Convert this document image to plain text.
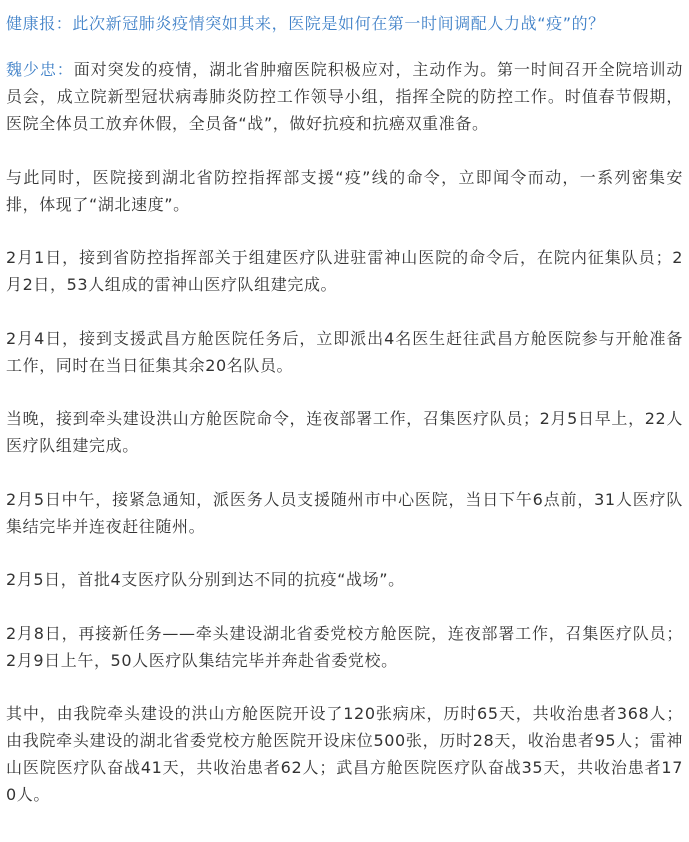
健康报：此次新冠肺炎疫情突如其来，医院是如何在第一时间调配人力战“疫”的？

魏少忠：面对突发的疫情，湖北省肿瘤医院积极应对，主动作为。第一时间召开全院培训动员会，成立院新型冠状病毒肺炎防控工作领导小组，指挥全院的防控工作。时值春节假期，医院全体员工放弃休假，全员备“战”，做好抗疫和抗癌双重准备。

与此同时，医院接到湖北省防控指挥部支援“疫”线的命令，立即闻令而动，一系列密集安排，体现了“湖北速度”。

2月1日，接到省防控指挥部关于组建医疗队进驻雷神山医院的命令后，在院内征集队员；2月2日，53人组成的雷神山医疗队组建完成。

2月4日，接到支援武昌方舱医院任务后，立即派出4名医生赶往武昌方舱医院参与开舱准备工作，同时在当日征集其余20名队员。

当晚，接到牵头建设洪山方舱医院命令，连夜部署工作，召集医疗队员；2月5日早上，22人医疗队组建完成。

2月5日中午，接紧急通知，派医务人员支援随州市中心医院，当日下午6点前，31人医疗队集结完毕并连夜赶往随州。

2月5日，首批4支医疗队分别到达不同的抗疫“战场”。

2月8日，再接新任务——牵头建设湖北省委党校方舱医院，连夜部署工作，召集医疗队员；2月9日上午，50人医疗队集结完毕并奔赴省委党校。

其中，由我院牵头建设的洪山方舱医院开设了120张病床，历时65天，共收治患者368人；由我院牵头建设的湖北省委党校方舱医院开设床位500张，历时28天，收治患者95人；雷神山医院医疗队奋战41天，共收治患者62人；武昌方舱医院医疗队奋战35天，共收治患者170人。
